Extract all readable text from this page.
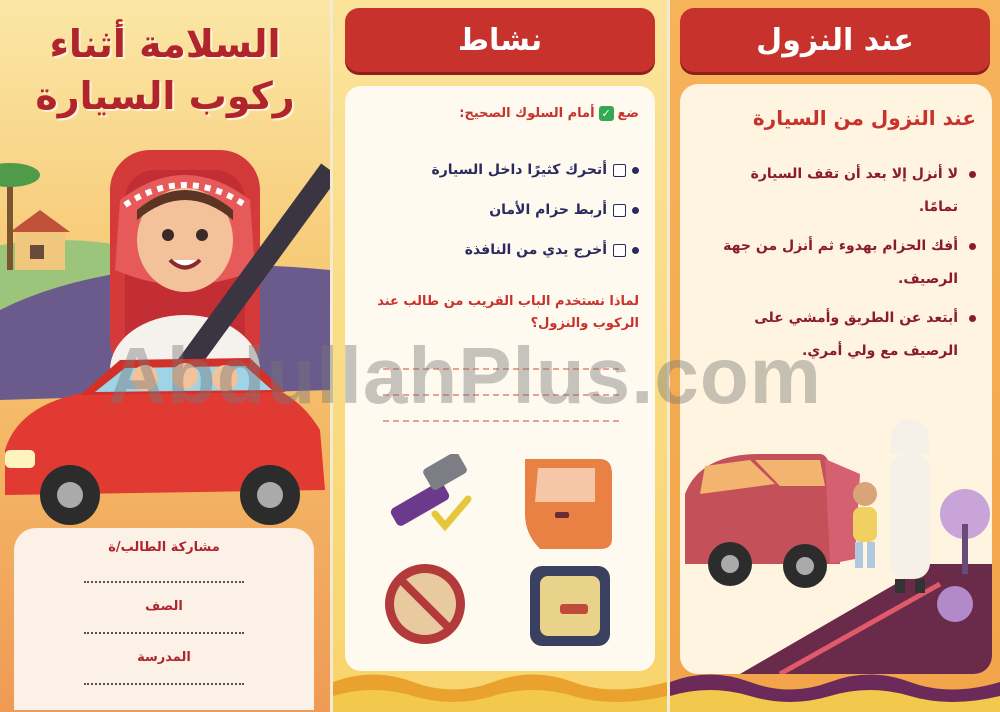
السلامة أثناء
ركوب السيارة
مشاركة الطالب/ة
الصف
المدرسة
نشاط
ضع
✓
أمام السلوك الصحيح:
أتحرك كثيرًا داخل السيارة
أربط حزام الأمان
أخرج يدي من النافذة
لماذا نستخدم الباب القريب من طالب عند الركوب والنزول؟
عند النزول
عند النزول من السيارة
لا أنزل إلا بعد أن تقف السيارة تمامًا.
أفك الحزام بهدوء ثم أنزل من جهة الرصيف.
أبتعد عن الطريق وأمشي على الرصيف مع ولي أمري.
AbdullahPlus.com
